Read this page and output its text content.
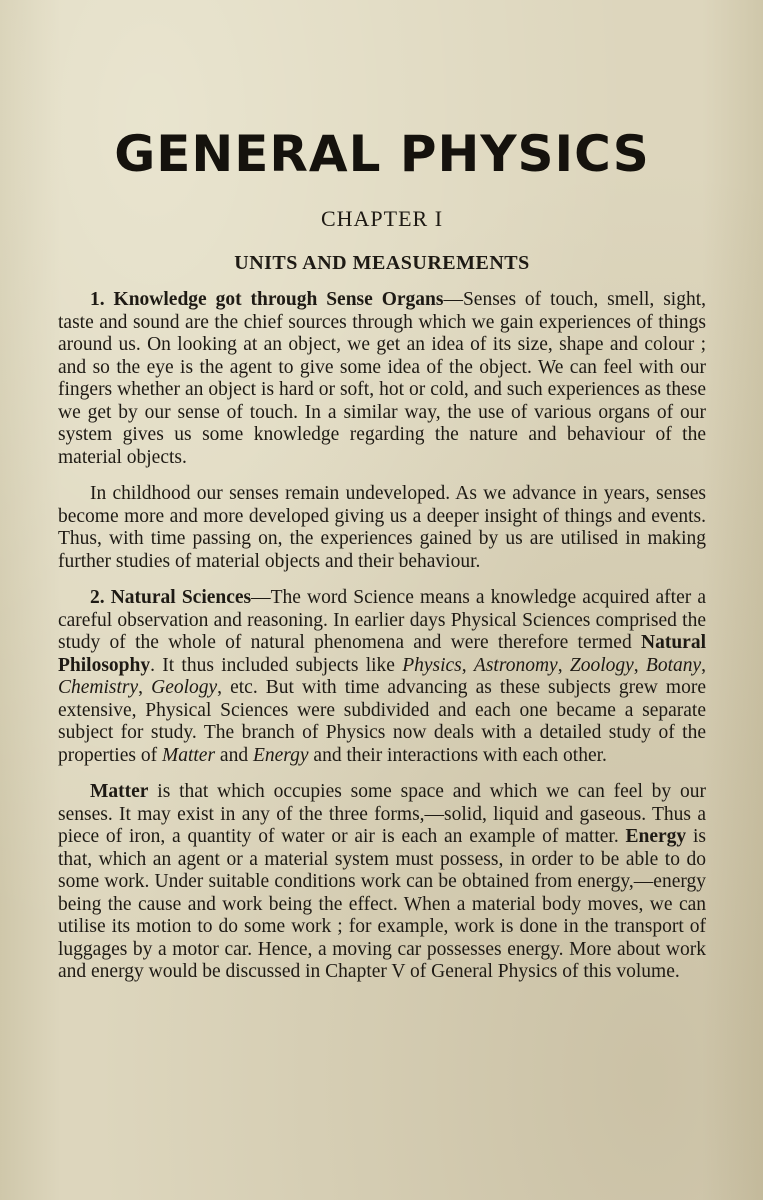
GENERAL PHYSICS
CHAPTER I
UNITS AND MEASUREMENTS

1. Knowledge got through Sense Organs—Senses of touch, smell, sight, taste and sound are the chief sources through which we gain experiences of things around us. On looking at an object, we get an idea of its size, shape and colour ; and so the eye is the agent to give some idea of the object. We can feel with our fingers whether an object is hard or soft, hot or cold, and such experiences as these we get by our sense of touch. In a similar way, the use of various organs of our system gives us some knowledge regarding the nature and behaviour of the material objects.

In childhood our senses remain undeveloped. As we advance in years, senses become more and more developed giving us a deeper insight of things and events. Thus, with time passing on, the experiences gained by us are utilised in making further studies of material objects and their behaviour.

2. Natural Sciences—The word Science means a knowledge acquired after a careful observation and reasoning. In earlier days Physical Sciences comprised the study of the whole of natural phenomena and were therefore termed Natural Philosophy. It thus included subjects like Physics, Astronomy, Zoology, Botany, Chemistry, Geology, etc. But with time advancing as these subjects grew more extensive, Physical Sciences were subdivided and each one became a separate subject for study. The branch of Physics now deals with a detailed study of the properties of Matter and Energy and their interactions with each other.

Matter is that which occupies some space and which we can feel by our senses. It may exist in any of the three forms,—solid, liquid and gaseous. Thus a piece of iron, a quantity of water or air is each an example of matter. Energy is that, which an agent or a material system must possess, in order to be able to do some work. Under suitable conditions work can be obtained from energy,—energy being the cause and work being the effect. When a material body moves, we can utilise its motion to do some work ; for example, work is done in the transport of luggages by a motor car. Hence, a moving car possesses energy. More about work and energy would be discussed in Chapter V of General Physics of this volume.
